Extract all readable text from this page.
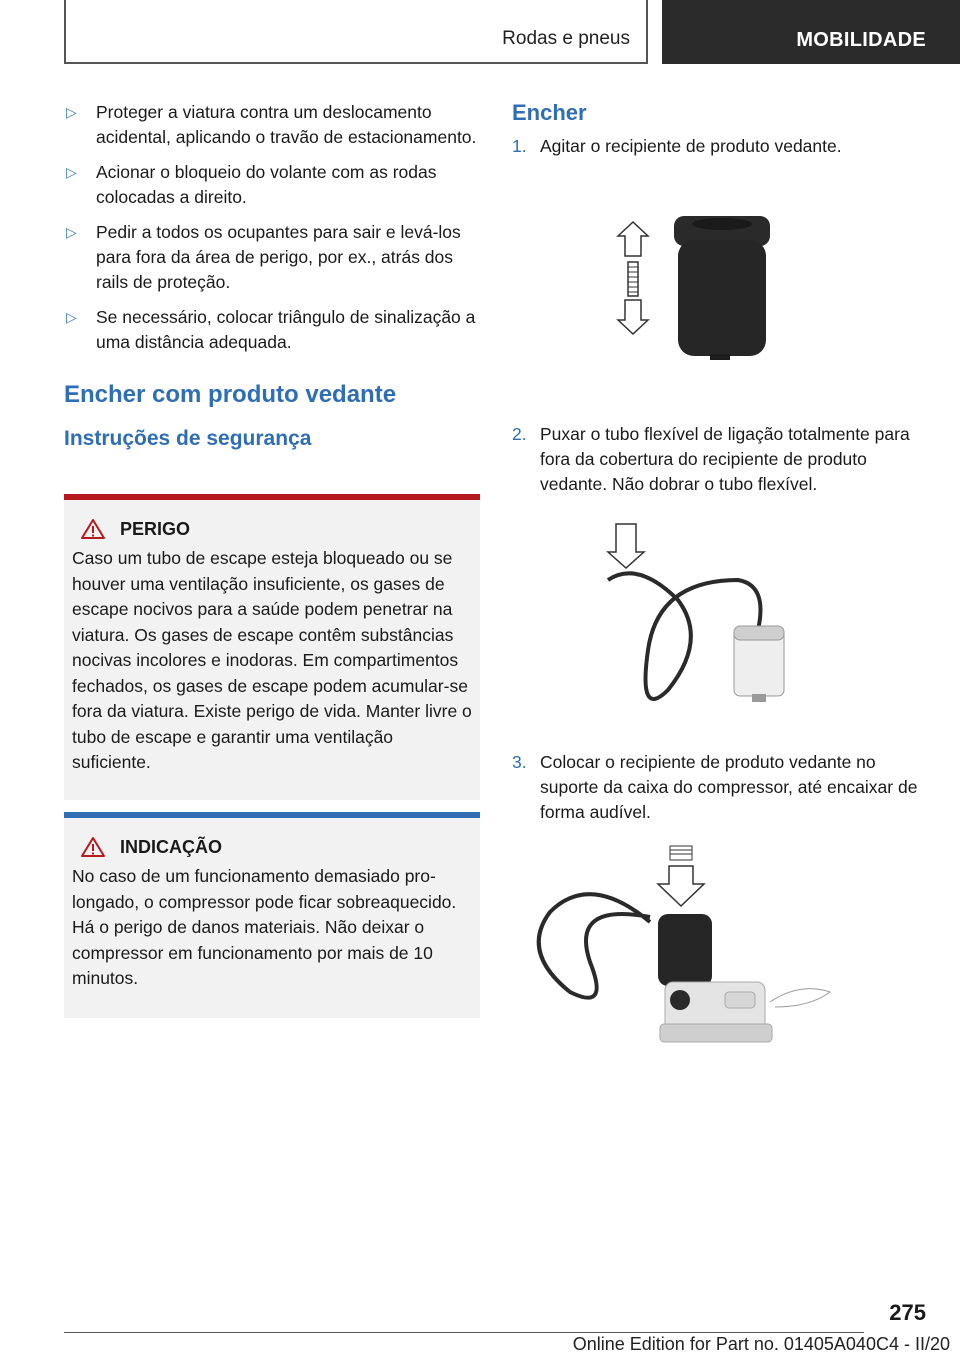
Rodas e pneus	MOBILIDADE
▷	Proteger a viatura contra um deslocamento acidental, aplicando o travão de estacionamento.
▷	Acionar o bloqueio do volante com as rodas colocadas a direito.
▷	Pedir a todos os ocupantes para sair e levá-los para fora da área de perigo, por ex., atrás dos rails de proteção.
▷	Se necessário, colocar triângulo de sinalização a uma distância adequada.
Encher com produto vedante
Instruções de segurança
PERIGO
Caso um tubo de escape esteja bloqueado ou se houver uma ventilação insuficiente, os gases de escape nocivos para a saúde podem penetrar na viatura. Os gases de escape contêm substâncias nocivas incolores e inodoras. Em compartimentos fechados, os gases de escape podem acumular-se fora da viatura. Existe perigo de vida. Manter livre o tubo de escape e garantir uma ventilação suficiente.
INDICAÇÃO
No caso de um funcionamento demasiado prolongado, o compressor pode ficar sobreaquecido. Há o perigo de danos materiais. Não deixar o compressor em funcionamento por mais de 10 minutos.
Encher
1. Agitar o recipiente de produto vedante.
2. Puxar o tubo flexível de ligação totalmente para fora da cobertura do recipiente de produto vedante. Não dobrar o tubo flexível.
3. Colocar o recipiente de produto vedante no suporte da caixa do compressor, até encaixar de forma audível.
275
Online Edition for Part no. 01405A040C4 - II/20
